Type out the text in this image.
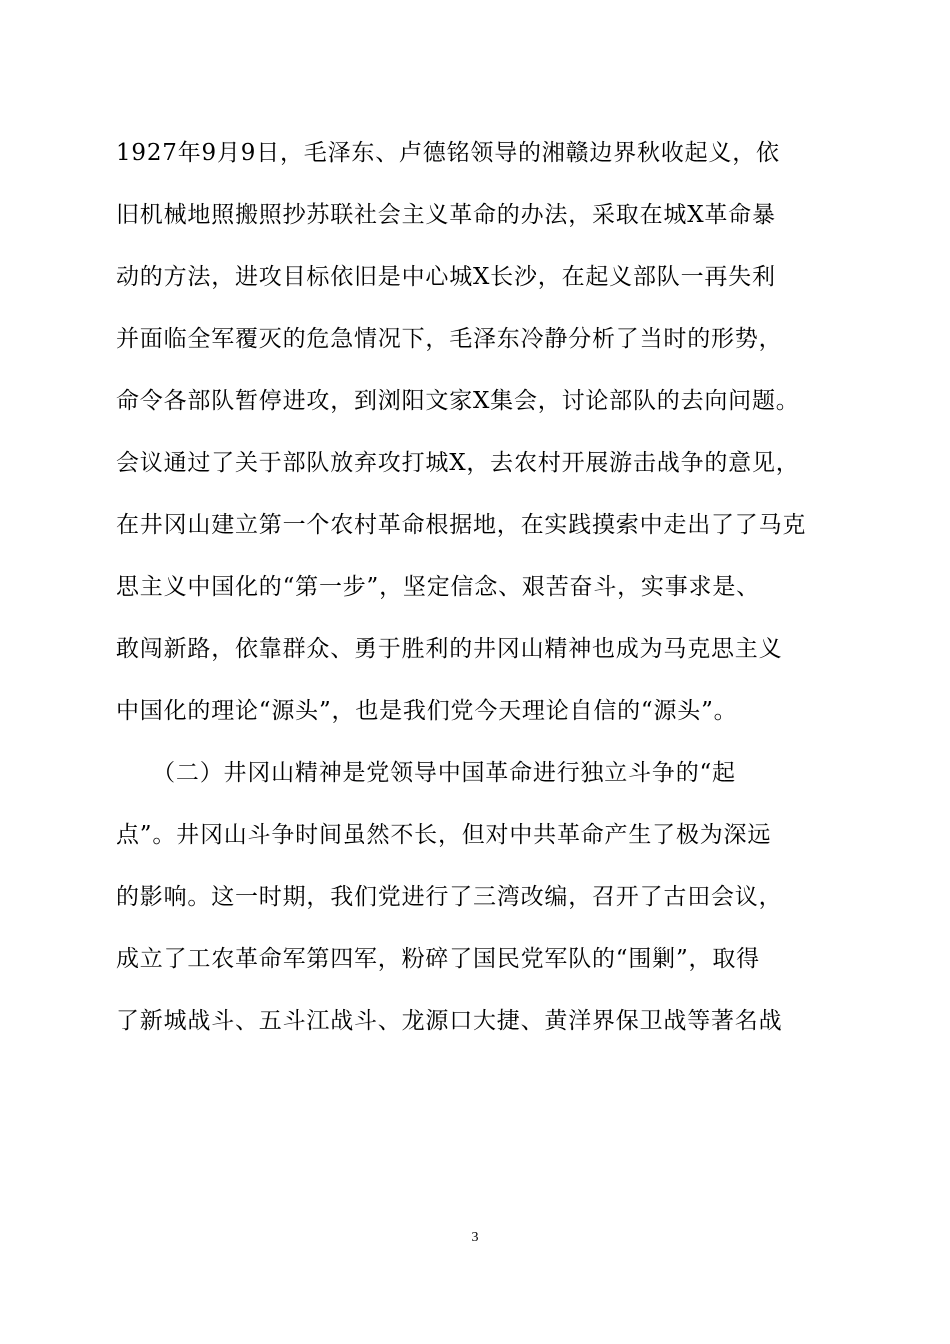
1927年9月9日，毛泽东、卢德铭领导的湘赣边界秋收起义，依
旧机械地照搬照抄苏联社会主义革命的办法，采取在城X革命暴
动的方法，进攻目标依旧是中心城X长沙，在起义部队一再失利
并面临全军覆灭的危急情况下，毛泽东冷静分析了当时的形势，
命令各部队暂停进攻，到浏阳文家X集会，讨论部队的去向问题。
会议通过了关于部队放弃攻打城X，去农村开展游击战争的意见，
在井冈山建立第一个农村革命根据地，在实践摸索中走出了了马克
思主义中国化的“第一步”，坚定信念、艰苦奋斗，实事求是、
敢闯新路，依靠群众、勇于胜利的井冈山精神也成为马克思主义
中国化的理论“源头”，也是我们党今天理论自信的“源头”。
　　（二）井冈山精神是党领导中国革命进行独立斗争的“起
点”。井冈山斗争时间虽然不长，但对中共革命产生了极为深远
的影响。这一时期，我们党进行了三湾改编，召开了古田会议，
成立了工农革命军第四军，粉碎了国民党军队的“围剿”，取得
了新城战斗、五斗江战斗、龙源口大捷、黄洋界保卫战等著名战
3
